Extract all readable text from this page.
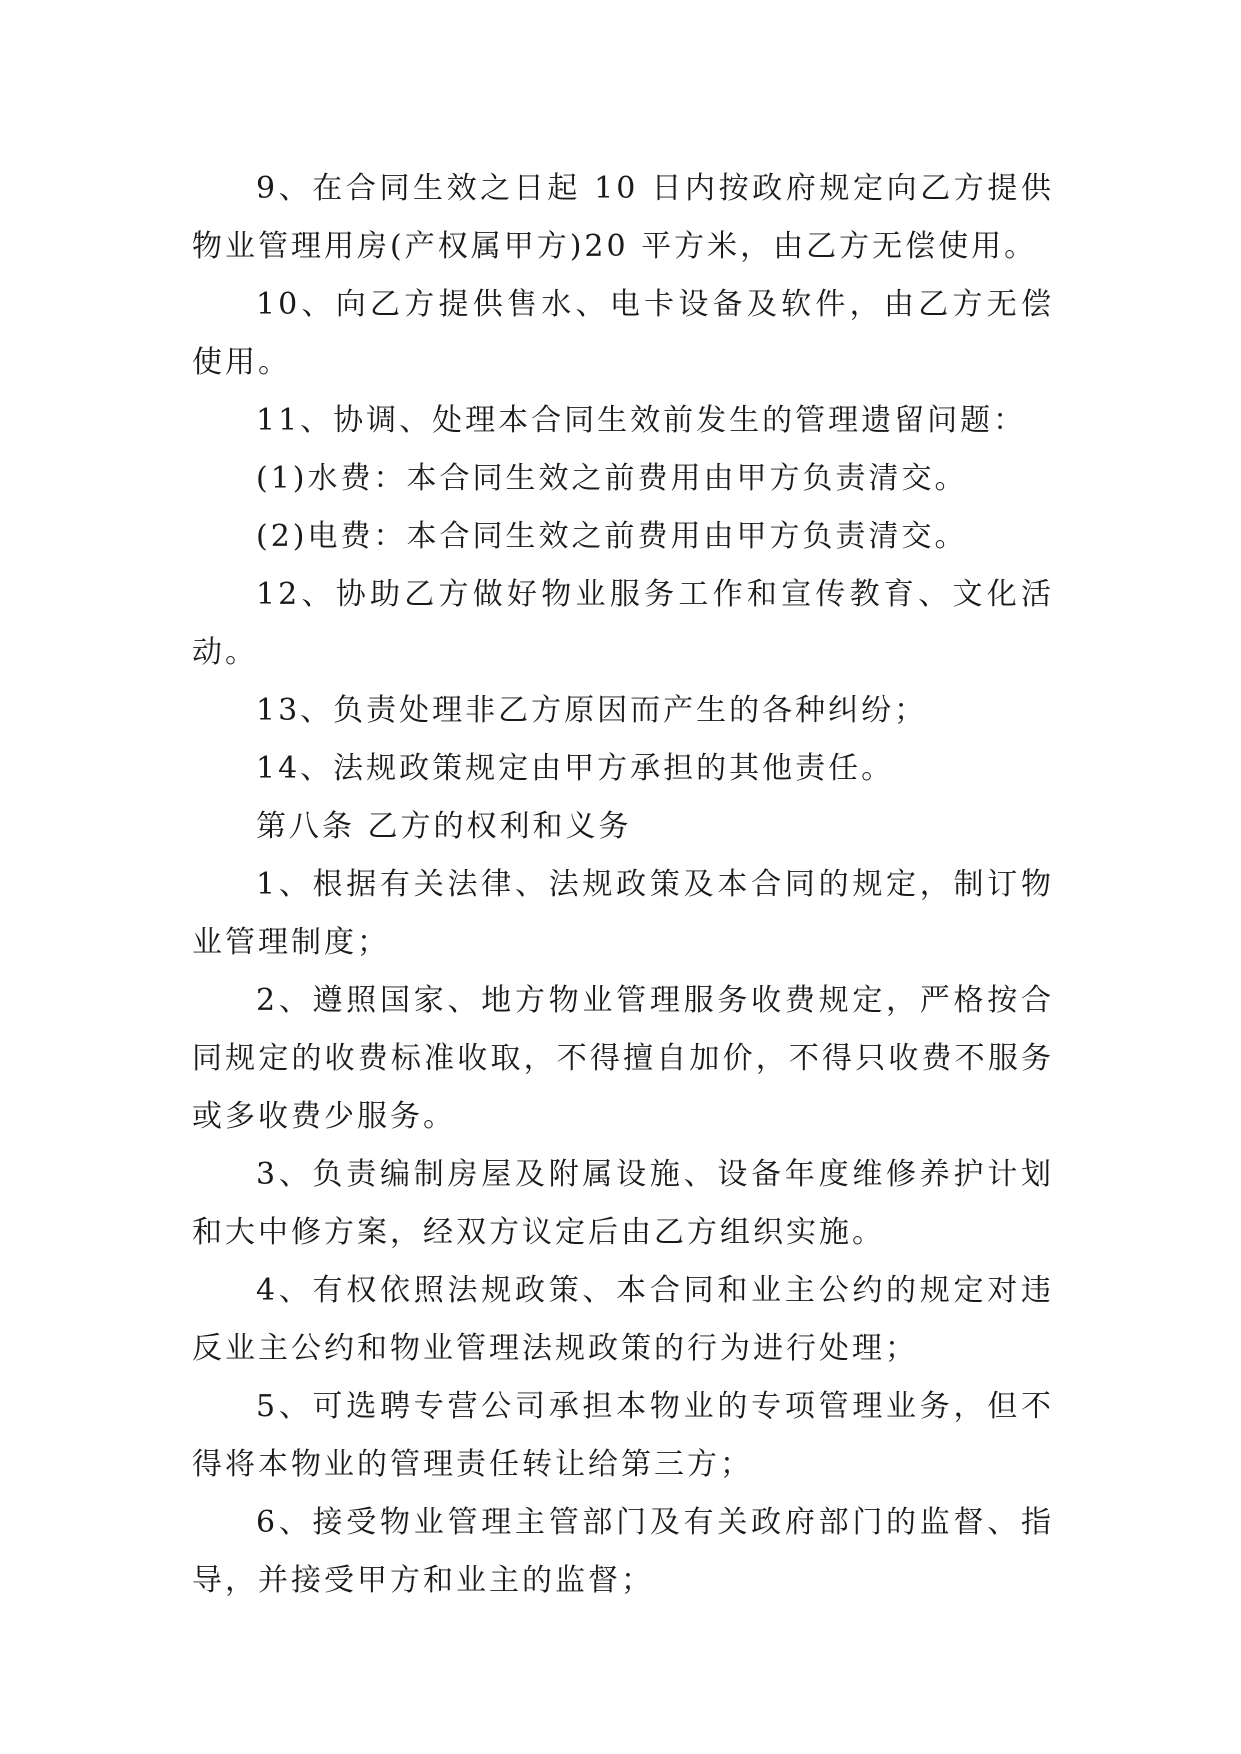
9、在合同生效之日起 10 日内按政府规定向乙方提供物业管理用房(产权属甲方)20 平方米，由乙方无偿使用。

10、向乙方提供售水、电卡设备及软件，由乙方无偿使用。

11、协调、处理本合同生效前发生的管理遗留问题：

(1)水费：本合同生效之前费用由甲方负责清交。

(2)电费：本合同生效之前费用由甲方负责清交。

12、协助乙方做好物业服务工作和宣传教育、文化活动。

13、负责处理非乙方原因而产生的各种纠纷；

14、法规政策规定由甲方承担的其他责任。

第八条 乙方的权利和义务

1、根据有关法律、法规政策及本合同的规定，制订物业管理制度；

2、遵照国家、地方物业管理服务收费规定，严格按合同规定的收费标准收取，不得擅自加价，不得只收费不服务或多收费少服务。

3、负责编制房屋及附属设施、设备年度维修养护计划和大中修方案，经双方议定后由乙方组织实施。

4、有权依照法规政策、本合同和业主公约的规定对违反业主公约和物业管理法规政策的行为进行处理；

5、可选聘专营公司承担本物业的专项管理业务，但不得将本物业的管理责任转让给第三方；

6、接受物业管理主管部门及有关政府部门的监督、指导，并接受甲方和业主的监督；
